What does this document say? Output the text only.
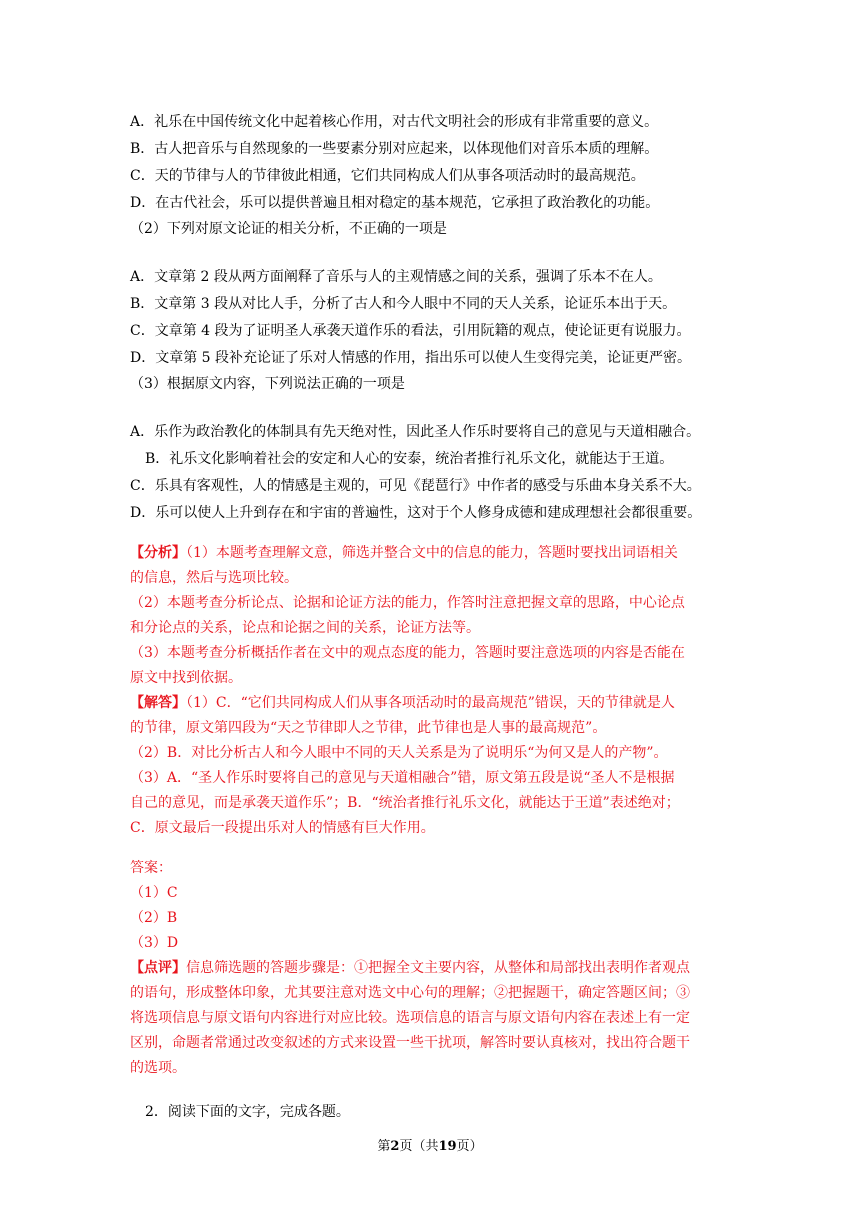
A．礼乐在中国传统文化中起着核心作用，对古代文明社会的形成有非常重要的意义。
B．古人把音乐与自然现象的一些要素分别对应起来，以体现他们对音乐本质的理解。
C．天的节律与人的节律彼此相通，它们共同构成人们从事各项活动时的最高规范。
D．在古代社会，乐可以提供普遍且相对稳定的基本规范，它承担了政治教化的功能。
（2）下列对原文论证的相关分析，不正确的一项是
A．文章第 2 段从两方面阐释了音乐与人的主观情感之间的关系，强调了乐本不在人。
B．文章第 3 段从对比人手，分析了古人和今人眼中不同的天人关系，论证乐本出于天。
C．文章第 4 段为了证明圣人承袭天道作乐的看法，引用阮籍的观点，使论证更有说服力。
D．文章第 5 段补充论证了乐对人情感的作用，指出乐可以使人生变得完美，论证更严密。
（3）根据原文内容，下列说法正确的一项是
A．乐作为政治教化的体制具有先天绝对性，因此圣人作乐时要将自己的意见与天道相融合。
B．礼乐文化影响着社会的安定和人心的安泰，统治者推行礼乐文化，就能达于王道。
C．乐具有客观性，人的情感是主观的，可见《琵琶行》中作者的感受与乐曲本身关系不大。
D．乐可以使人上升到存在和宇宙的普遍性，这对于个人修身成德和建成理想社会都很重要。
【分析】（1）本题考查理解文意，筛选并整合文中的信息的能力，答题时要找出词语相关
的信息，然后与选项比较。
（2）本题考查分析论点、论据和论证方法的能力，作答时注意把握文章的思路，中心论点
和分论点的关系，论点和论据之间的关系，论证方法等。
（3）本题考查分析概括作者在文中的观点态度的能力，答题时要注意选项的内容是否能在
原文中找到依据。
【解答】（1）C．“它们共同构成人们从事各项活动时的最高规范”错误，天的节律就是人
的节律，原文第四段为“天之节律即人之节律，此节律也是人事的最高规范”。
（2）B．对比分析古人和今人眼中不同的天人关系是为了说明乐“为何又是人的产物”。
（3）A．“圣人作乐时要将自己的意见与天道相融合”错，原文第五段是说“圣人不是根据
自己的意见，而是承袭天道作乐”；B．“统治者推行礼乐文化，就能达于王道”表述绝对；
C．原文最后一段提出乐对人的情感有巨大作用。
答案：
（1）C
（2）B
（3）D
【点评】信息筛选题的答题步骤是：①把握全文主要内容，从整体和局部找出表明作者观点
的语句，形成整体印象，尤其要注意对选文中心句的理解；②把握题干，确定答题区间；③
将选项信息与原文语句内容进行对应比较。选项信息的语言与原文语句内容在表述上有一定
区别，命题者常通过改变叙述的方式来设置一些干扰项，解答时要认真核对，找出符合题干
的选项。
2．阅读下面的文字，完成各题。
第2页（共19页）
